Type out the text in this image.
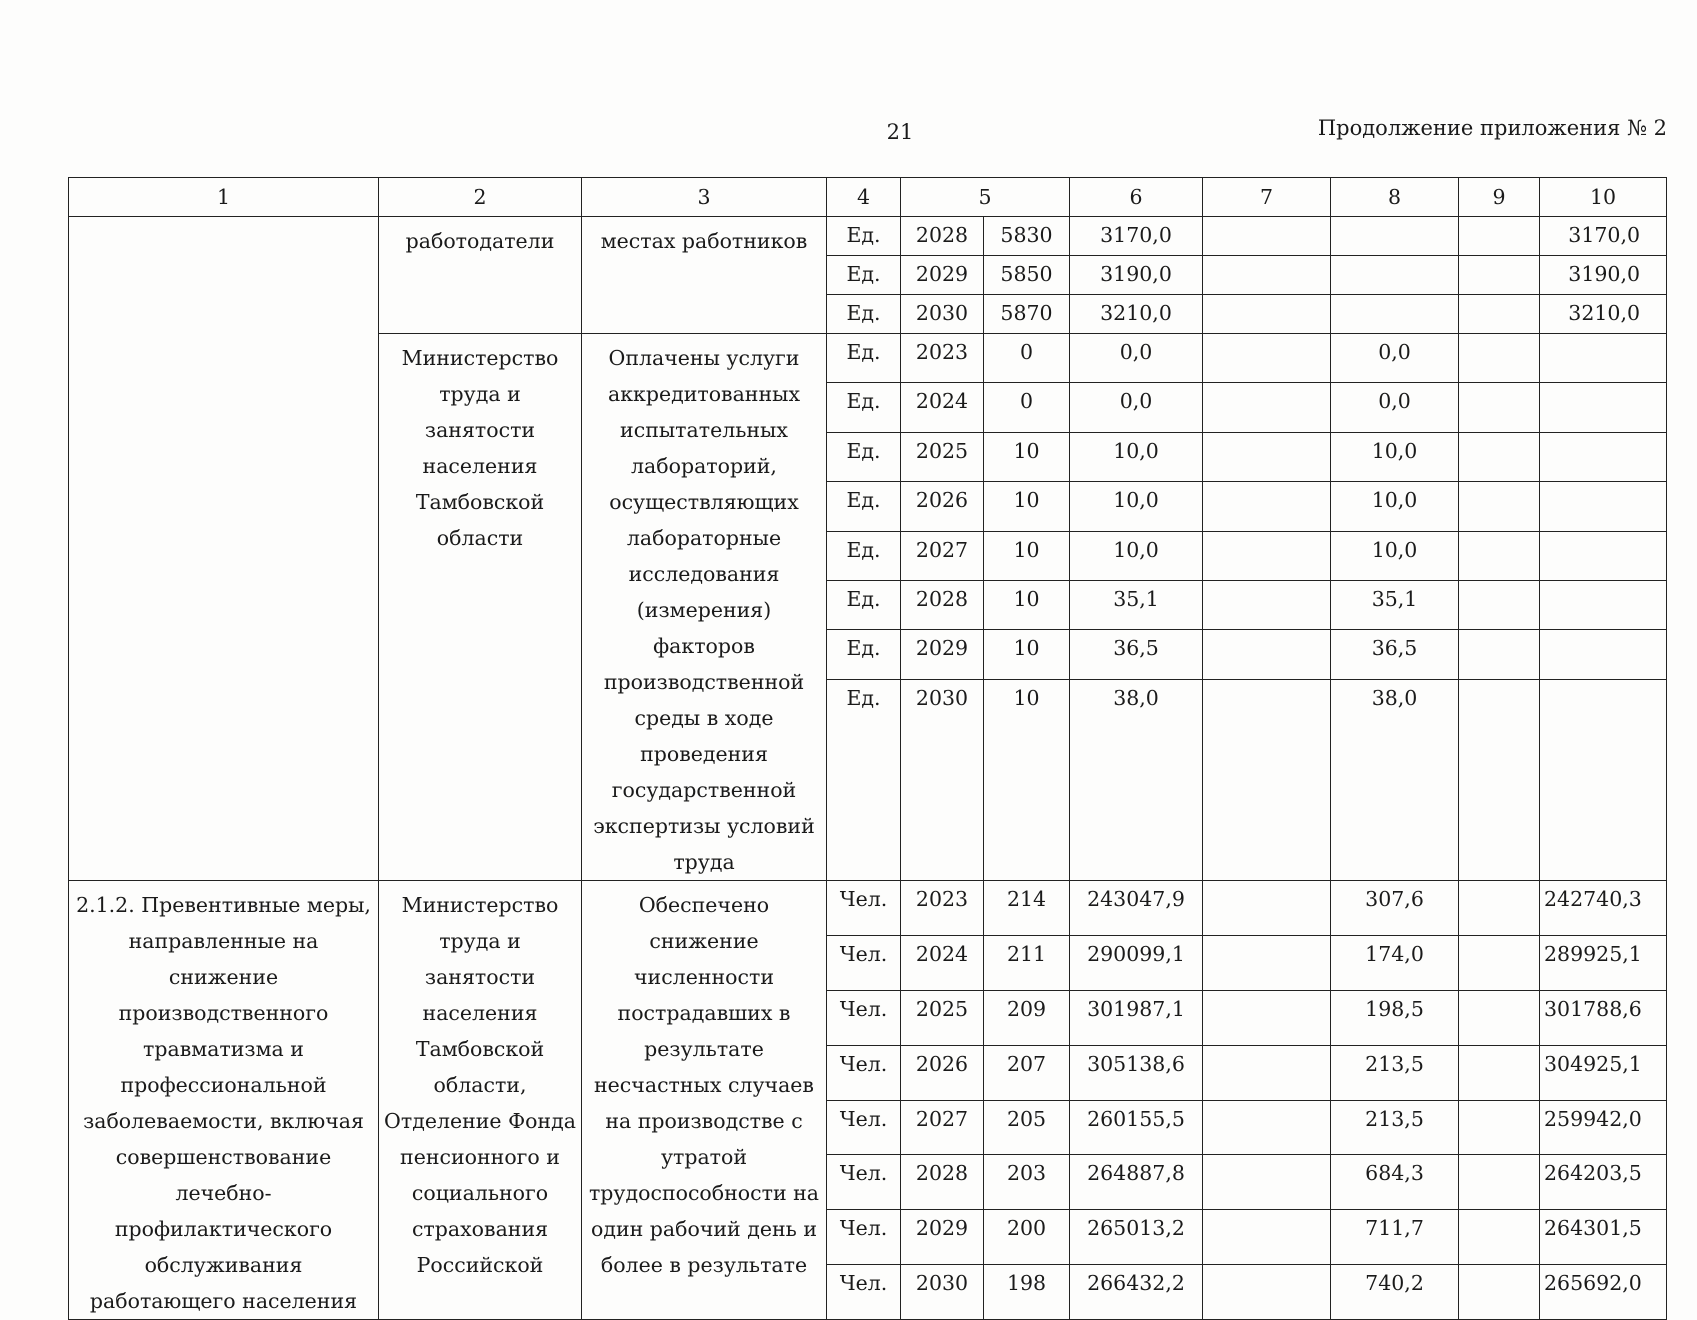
21	Продолжение приложения № 2
1	2	3	4	5		6	7	8	9	10
	работодатели	местах работников	Ед.	2028	5830	3170,0				3170,0
			Ед.	2029	5850	3190,0				3190,0
			Ед.	2030	5870	3210,0				3210,0
	Министерство труда и занятости населения Тамбовской области	Оплачены услуги аккредитованных испытательных лабораторий, осуществляющих лабораторные исследования (измерения) факторов производственной среды в ходе проведения государственной экспертизы условий труда	Ед.	2023	0	0,0		0,0		
			Ед.	2024	0	0,0		0,0		
			Ед.	2025	10	10,0		10,0		
			Ед.	2026	10	10,0		10,0		
			Ед.	2027	10	10,0		10,0		
			Ед.	2028	10	35,1		35,1		
			Ед.	2029	10	36,5		36,5		
			Ед.	2030	10	38,0		38,0		
2.1.2. Превентивные меры, направленные на снижение производственного травматизма и профессиональной заболеваемости, включая совершенствование лечебно-профилактического обслуживания работающего населения	Министерство труда и занятости населения Тамбовской области, Отделение Фонда пенсионного и социального страхования Российской	Обеспечено снижение численности пострадавших в результате несчастных случаев на производстве с утратой трудоспособности на один рабочий день и более в результате	Чел.	2023	214	243047,9		307,6		242740,3
			Чел.	2024	211	290099,1		174,0		289925,1
			Чел.	2025	209	301987,1		198,5		301788,6
			Чел.	2026	207	305138,6		213,5		304925,1
			Чел.	2027	205	260155,5		213,5		259942,0
			Чел.	2028	203	264887,8		684,3		264203,5
			Чел.	2029	200	265013,2		711,7		264301,5
			Чел.	2030	198	266432,2		740,2		265692,0
